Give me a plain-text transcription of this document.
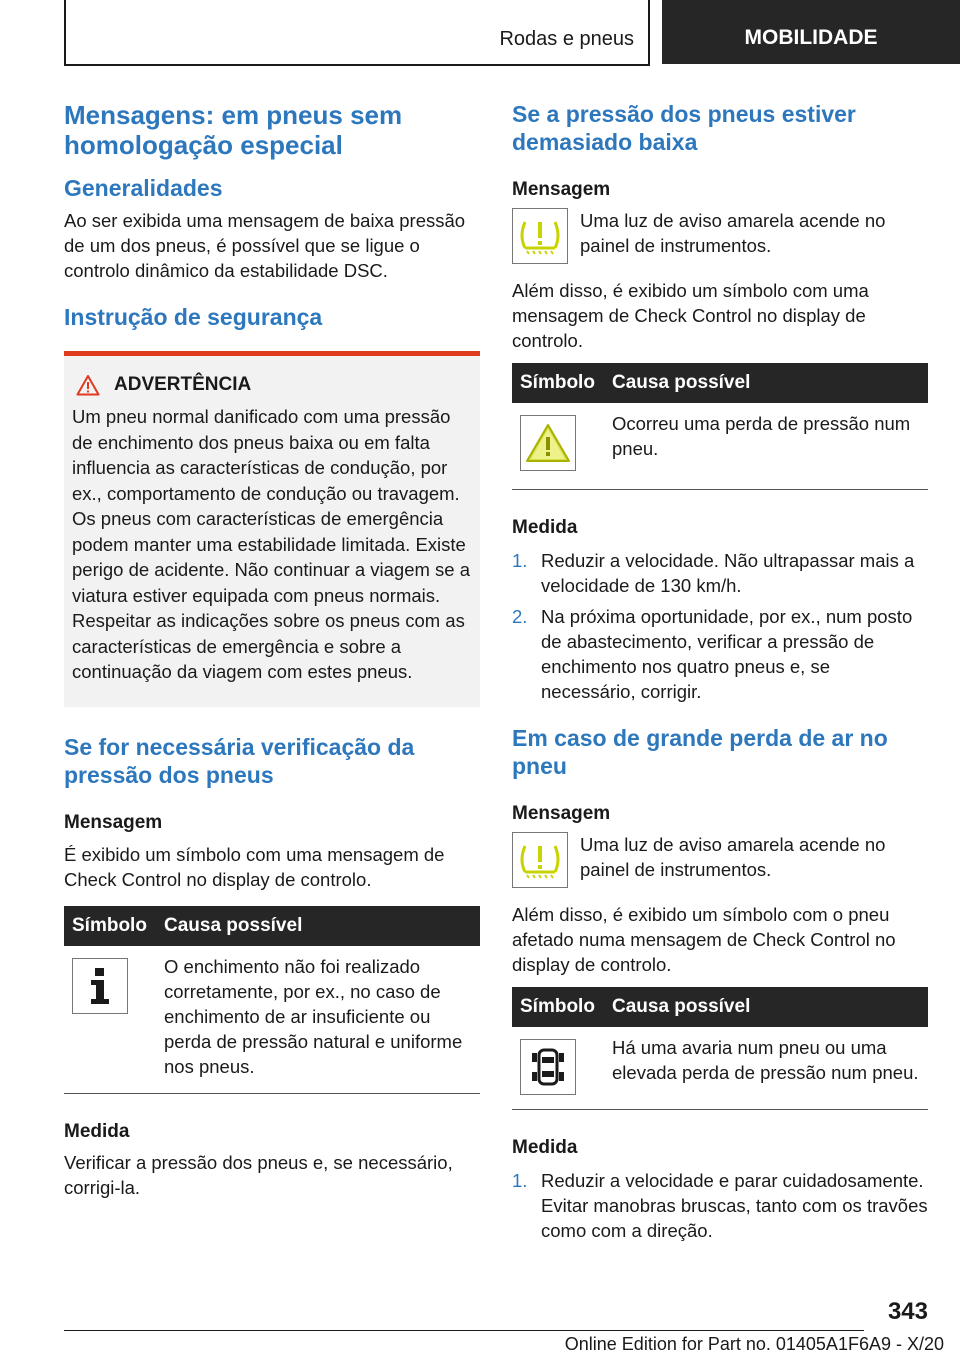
Rodas e pneus	MOBILIDADE
Mensagens: em pneus sem homologação especial
Generalidades

Ao ser exibida uma mensagem de baixa pressão de um dos pneus, é possível que se ligue o controlo dinâmico da estabilidade DSC.

Instrução de segurança
ADVERTÊNCIA
Um pneu normal danificado com uma pressão de enchimento dos pneus baixa ou em falta influencia as características de condução, por ex., comportamento de condução ou travagem. Os pneus com características de emergência podem manter uma estabilidade limitada. Existe perigo de acidente. Não continuar a viagem se a viatura estiver equipada com pneus normais. Respeitar as indicações sobre os pneus com as características de emergência e sobre a continuação da viagem com estes pneus.
Se for necessária verificação da pressão dos pneus
Mensagem

É exibido um símbolo com uma mensagem de Check Control no display de controlo.

Símbolo Causa possível
O enchimento não foi realizado corretamente, por ex., no caso de enchimento de ar insuficiente ou perda de pressão natural e uniforme nos pneus.
Medida

Verificar a pressão dos pneus e, se necessário, corrigi-la.

Se a pressão dos pneus estiver demasiado baixa
Mensagem
Uma luz de aviso amarela acende no painel de instrumentos.

Além disso, é exibido um símbolo com uma mensagem de Check Control no display de controlo.

Símbolo Causa possível
Ocorreu uma perda de pressão num pneu.
Medida
1. Reduzir a velocidade. Não ultrapassar mais a velocidade de 130 km/h.
2. Na próxima oportunidade, por ex., num posto de abastecimento, verificar a pressão de enchimento nos quatro pneus e, se necessário, corrigir.
Em caso de grande perda de ar no pneu
Mensagem
Uma luz de aviso amarela acende no painel de instrumentos.

Além disso, é exibido um símbolo com o pneu afetado numa mensagem de Check Control no display de controlo.

Símbolo Causa possível
Há uma avaria num pneu ou uma elevada perda de pressão num pneu.
Medida
1. Reduzir a velocidade e parar cuidadosamente. Evitar manobras bruscas, tanto com os travões como com a direção.
343
Online Edition for Part no. 01405A1F6A9 - X/20
